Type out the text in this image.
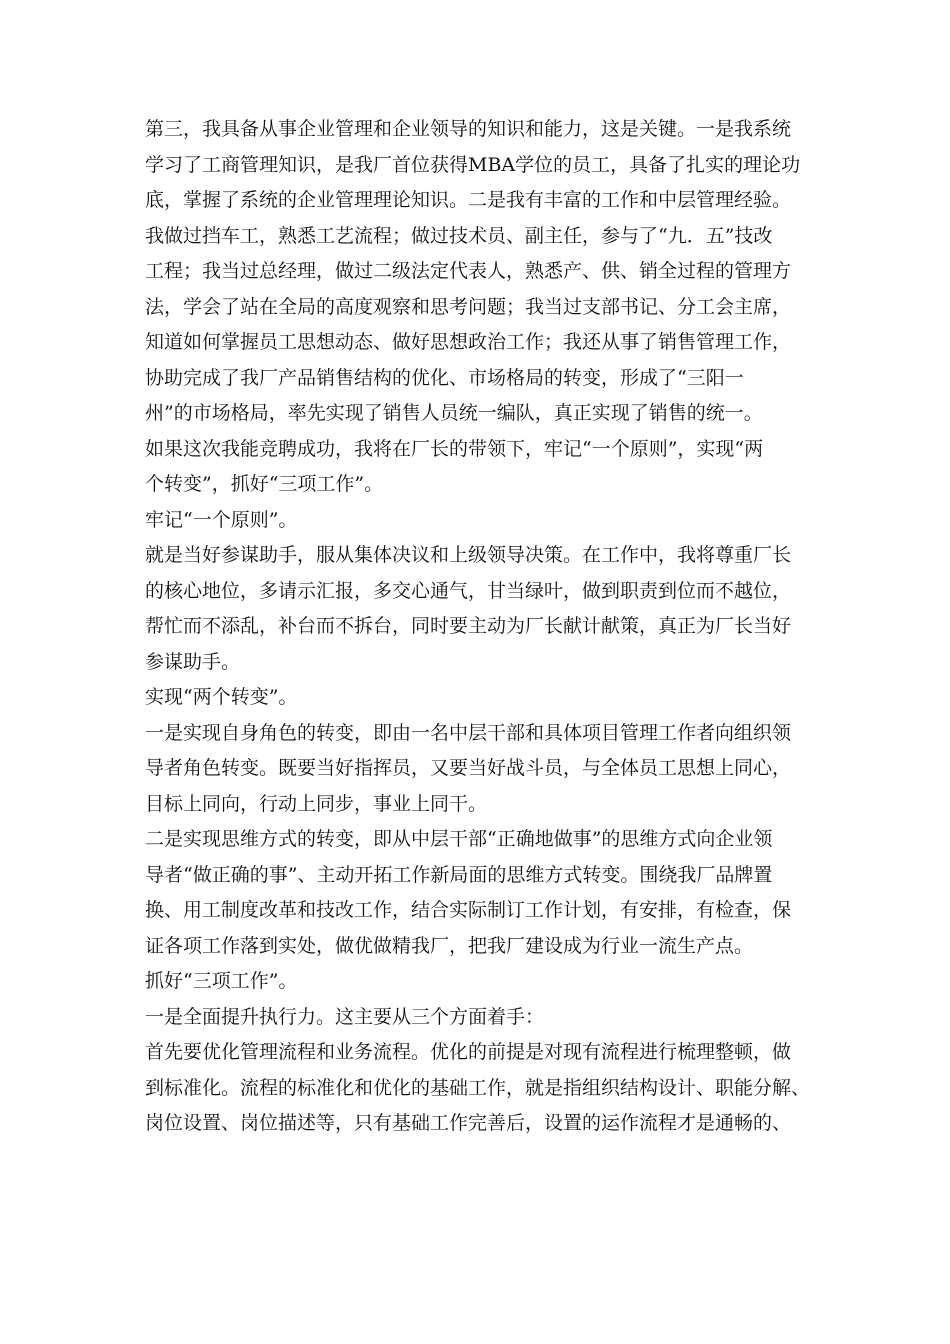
第三，我具备从事企业管理和企业领导的知识和能力，这是关键。一是我系统
学习了工商管理知识，是我厂首位获得MBA学位的员工，具备了扎实的理论功
底，掌握了系统的企业管理理论知识。二是我有丰富的工作和中层管理经验。
我做过挡车工，熟悉工艺流程；做过技术员、副主任，参与了“九．五”技改
工程；我当过总经理，做过二级法定代表人，熟悉产、供、销全过程的管理方
法，学会了站在全局的高度观察和思考问题；我当过支部书记、分工会主席，
知道如何掌握员工思想动态、做好思想政治工作；我还从事了销售管理工作，
协助完成了我厂产品销售结构的优化、市场格局的转变，形成了“三阳一
州”的市场格局，率先实现了销售人员统一编队，真正实现了销售的统一。
如果这次我能竞聘成功，我将在厂长的带领下，牢记“一个原则”，实现“两
个转变”，抓好“三项工作”。
牢记“一个原则”。
就是当好参谋助手，服从集体决议和上级领导决策。在工作中，我将尊重厂长
的核心地位，多请示汇报，多交心通气，甘当绿叶，做到职责到位而不越位，
帮忙而不添乱，补台而不拆台，同时要主动为厂长献计献策，真正为厂长当好
参谋助手。
实现“两个转变”。
一是实现自身角色的转变，即由一名中层干部和具体项目管理工作者向组织领
导者角色转变。既要当好指挥员，又要当好战斗员，与全体员工思想上同心，
目标上同向，行动上同步，事业上同干。
二是实现思维方式的转变，即从中层干部“正确地做事”的思维方式向企业领
导者“做正确的事”、主动开拓工作新局面的思维方式转变。围绕我厂品牌置
换、用工制度改革和技改工作，结合实际制订工作计划，有安排，有检查，保
证各项工作落到实处，做优做精我厂，把我厂建设成为行业一流生产点。
抓好“三项工作”。
一是全面提升执行力。这主要从三个方面着手：
首先要优化管理流程和业务流程。优化的前提是对现有流程进行梳理整顿，做
到标准化。流程的标准化和优化的基础工作，就是指组织结构设计、职能分解、
岗位设置、岗位描述等，只有基础工作完善后，设置的运作流程才是通畅的、
